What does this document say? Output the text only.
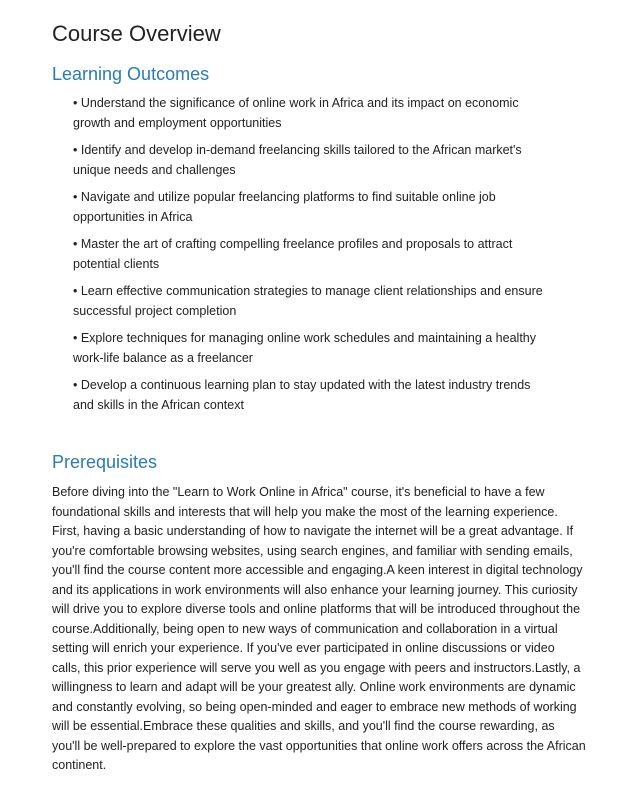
Course Overview
Learning Outcomes
• Understand the significance of online work in Africa and its impact on economic growth and employment opportunities
• Identify and develop in-demand freelancing skills tailored to the African market's unique needs and challenges
• Navigate and utilize popular freelancing platforms to find suitable online job opportunities in Africa
• Master the art of crafting compelling freelance profiles and proposals to attract potential clients
• Learn effective communication strategies to manage client relationships and ensure successful project completion
• Explore techniques for managing online work schedules and maintaining a healthy work-life balance as a freelancer
• Develop a continuous learning plan to stay updated with the latest industry trends and skills in the African context
Prerequisites

Before diving into the "Learn to Work Online in Africa" course, it's beneficial to have a few foundational skills and interests that will help you make the most of the learning experience. First, having a basic understanding of how to navigate the internet will be a great advantage. If you're comfortable browsing websites, using search engines, and familiar with sending emails, you'll find the course content more accessible and engaging.A keen interest in digital technology and its applications in work environments will also enhance your learning journey. This curiosity will drive you to explore diverse tools and online platforms that will be introduced throughout the course.Additionally, being open to new ways of communication and collaboration in a virtual setting will enrich your experience. If you've ever participated in online discussions or video calls, this prior experience will serve you well as you engage with peers and instructors.Lastly, a willingness to learn and adapt will be your greatest ally. Online work environments are dynamic and constantly evolving, so being open-minded and eager to embrace new methods of working will be essential.Embrace these qualities and skills, and you'll find the course rewarding, as you'll be well-prepared to explore the vast opportunities that online work offers across the African continent.
